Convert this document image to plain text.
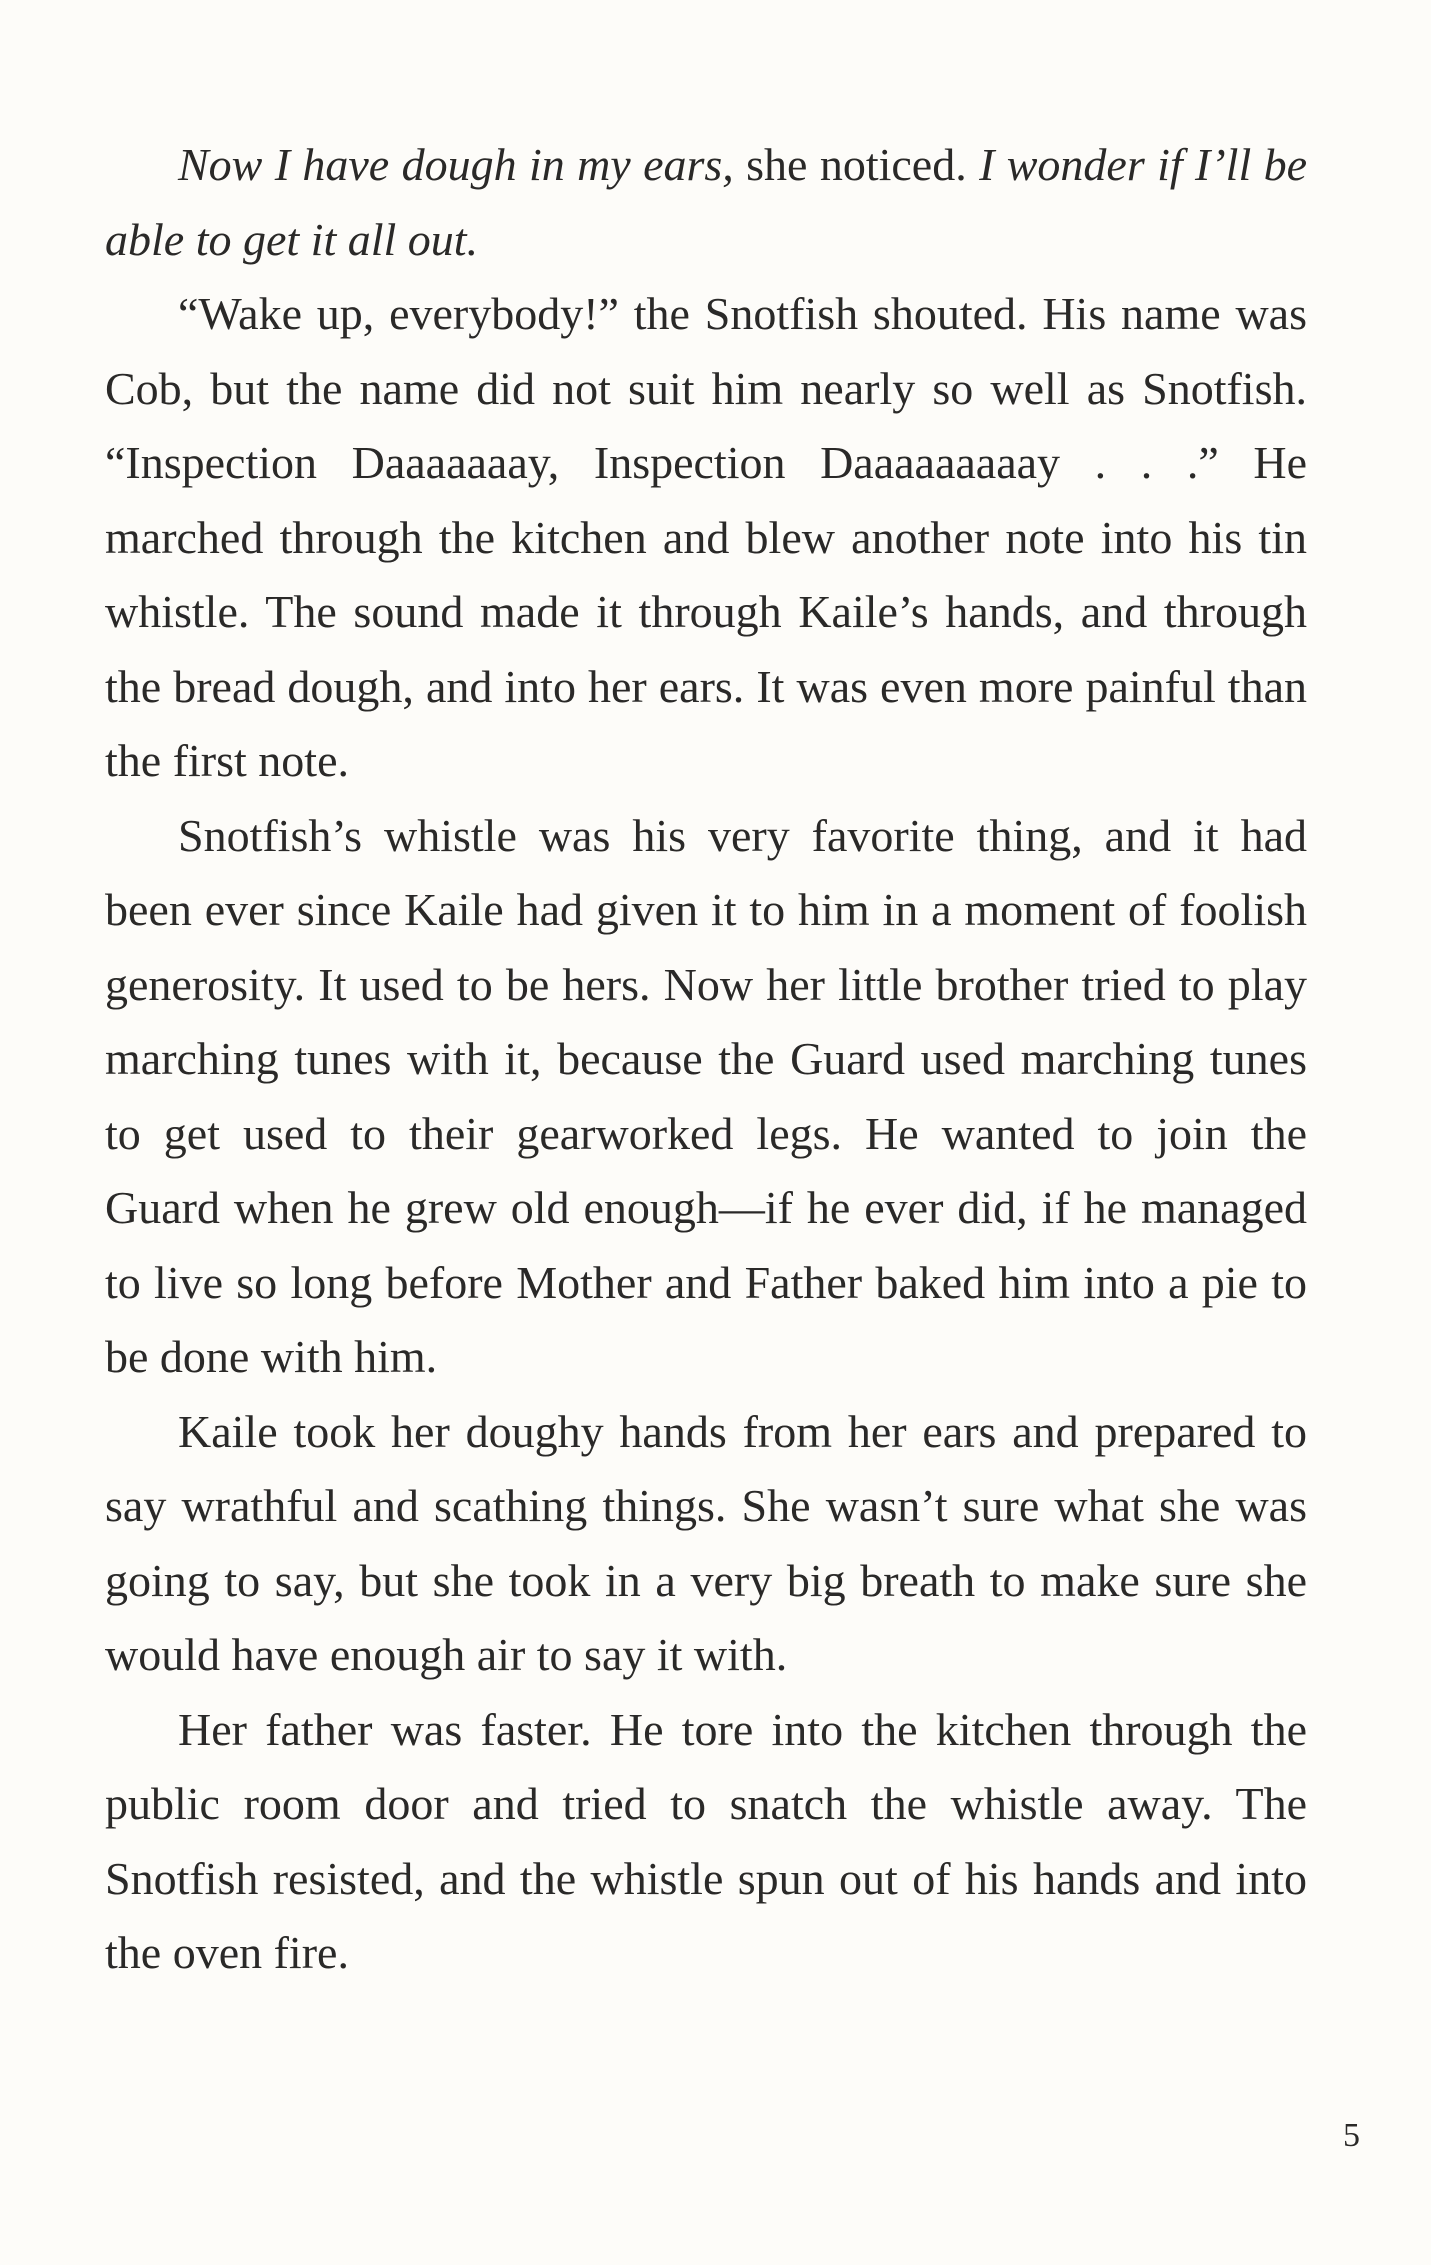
Now I have dough in my ears, she noticed. I wonder if I’ll be able to get it all out.

“Wake up, everybody!” the Snotfish shouted. His name was Cob, but the name did not suit him nearly so well as Snotfish. “Inspection Daaaaaaay, Inspection Daaaaaaaaay . . .” He marched through the kitchen and blew another note into his tin whistle. The sound made it through Kaile’s hands, and through the bread dough, and into her ears. It was even more painful than the first note.

Snotfish’s whistle was his very favorite thing, and it had been ever since Kaile had given it to him in a moment of foolish generosity. It used to be hers. Now her little brother tried to play marching tunes with it, because the Guard used marching tunes to get used to their gearworked legs. He wanted to join the Guard when he grew old enough—if he ever did, if he managed to live so long before Mother and Father baked him into a pie to be done with him.

Kaile took her doughy hands from her ears and prepared to say wrathful and scathing things. She wasn’t sure what she was going to say, but she took in a very big breath to make sure she would have enough air to say it with.

Her father was faster. He tore into the kitchen through the public room door and tried to snatch the whistle away. The Snotfish resisted, and the whistle spun out of his hands and into the oven fire.

5
